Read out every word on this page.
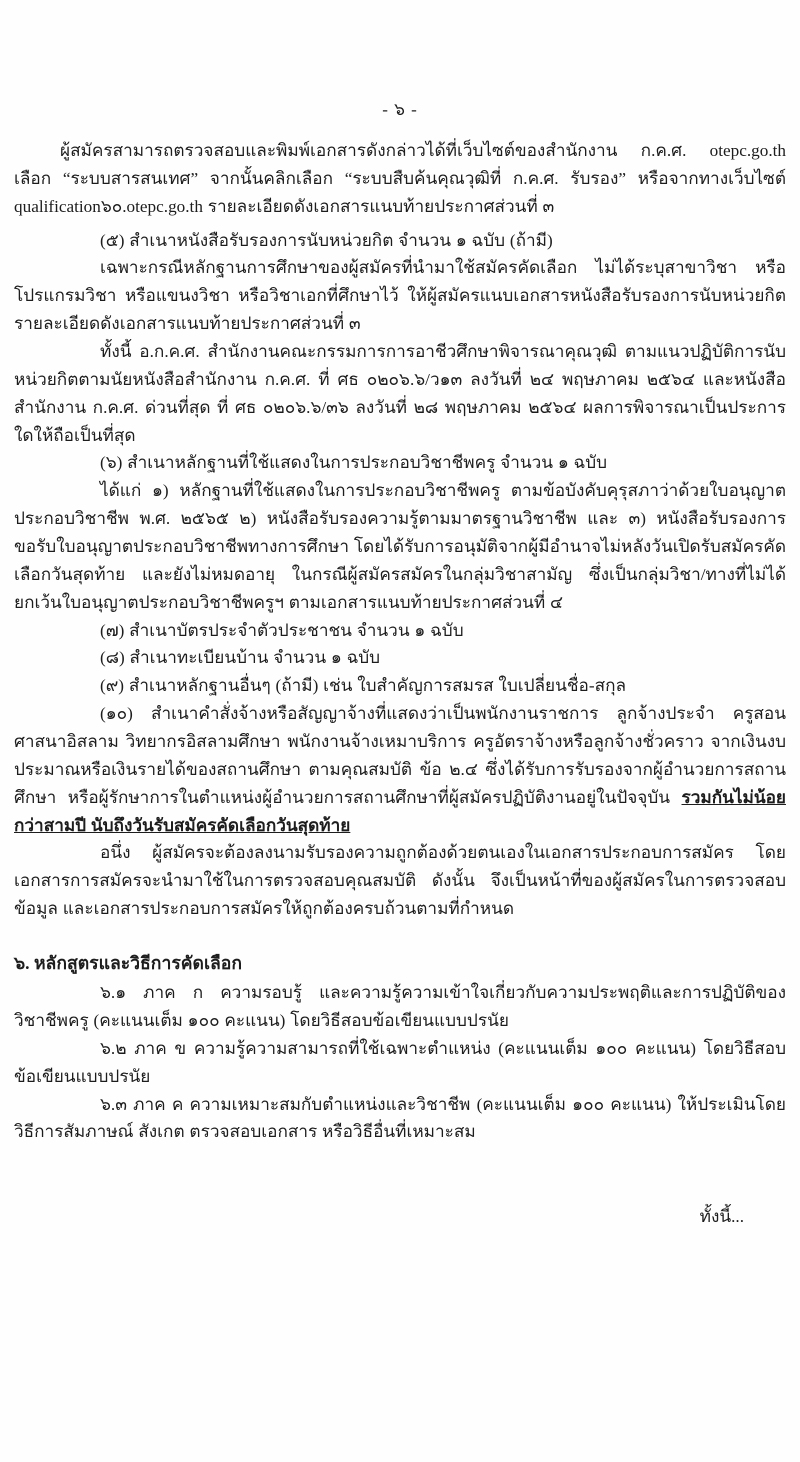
- ๖ -

ผู้สมัครสามารถตรวจสอบและพิมพ์เอกสารดังกล่าวได้ที่เว็บไซต์ของสำนักงาน ก.ค.ศ. otepc.go.th เลือก “ระบบสารสนเทศ” จากนั้นคลิกเลือก “ระบบสืบค้นคุณวุฒิที่ ก.ค.ศ. รับรอง” หรือจากทางเว็บไซต์ qualification๖๐.otepc.go.th รายละเอียดดังเอกสารแนบท้ายประกาศส่วนที่ ๓

(๕) สำเนาหนังสือรับรองการนับหน่วยกิต จำนวน ๑ ฉบับ (ถ้ามี)

เฉพาะกรณีหลักฐานการศึกษาของผู้สมัครที่นำมาใช้สมัครคัดเลือก ไม่ได้ระบุสาขาวิชา หรือโปรแกรมวิชา หรือแขนงวิชา หรือวิชาเอกที่ศึกษาไว้ ให้ผู้สมัครแนบเอกสารหนังสือรับรองการนับหน่วยกิต รายละเอียดดังเอกสารแนบท้ายประกาศส่วนที่ ๓

ทั้งนี้ อ.ก.ค.ศ. สำนักงานคณะกรรมการการอาชีวศึกษาพิจารณาคุณวุฒิ ตามแนวปฏิบัติการนับหน่วยกิตตามนัยหนังสือสำนักงาน ก.ค.ศ. ที่ ศธ ๐๒๐๖.๖/ว๑๓ ลงวันที่ ๒๔ พฤษภาคม ๒๕๖๔ และหนังสือสำนักงาน ก.ค.ศ. ด่วนที่สุด ที่ ศธ ๐๒๐๖.๖/๓๖ ลงวันที่ ๒๘ พฤษภาคม ๒๕๖๔ ผลการพิจารณาเป็นประการใดให้ถือเป็นที่สุด

(๖) สำเนาหลักฐานที่ใช้แสดงในการประกอบวิชาชีพครู จำนวน ๑ ฉบับ

ได้แก่ ๑) หลักฐานที่ใช้แสดงในการประกอบวิชาชีพครู ตามข้อบังคับคุรุสภาว่าด้วยใบอนุญาตประกอบวิชาชีพ พ.ศ. ๒๕๖๕ ๒) หนังสือรับรองความรู้ตามมาตรฐานวิชาชีพ และ ๓) หนังสือรับรองการขอรับใบอนุญาตประกอบวิชาชีพทางการศึกษา โดยได้รับการอนุมัติจากผู้มีอำนาจไม่หลังวันเปิดรับสมัครคัดเลือกวันสุดท้าย และยังไม่หมดอายุ ในกรณีผู้สมัครสมัครในกลุ่มวิชาสามัญ ซึ่งเป็นกลุ่มวิชา/ทางที่ไม่ได้ยกเว้นใบอนุญาตประกอบวิชาชีพครูฯ ตามเอกสารแนบท้ายประกาศส่วนที่ ๔

(๗) สำเนาบัตรประจำตัวประชาชน จำนวน ๑ ฉบับ

(๘) สำเนาทะเบียนบ้าน จำนวน ๑ ฉบับ

(๙) สำเนาหลักฐานอื่นๆ (ถ้ามี) เช่น ใบสำคัญการสมรส ใบเปลี่ยนชื่อ-สกุล

(๑๐) สำเนาคำสั่งจ้างหรือสัญญาจ้างที่แสดงว่าเป็นพนักงานราชการ ลูกจ้างประจำ ครูสอนศาสนาอิสลาม วิทยากรอิสลามศึกษา พนักงานจ้างเหมาบริการ ครูอัตราจ้างหรือลูกจ้างชั่วคราว จากเงินงบประมาณหรือเงินรายได้ของสถานศึกษา ตามคุณสมบัติ ข้อ ๒.๔ ซึ่งได้รับการรับรองจากผู้อำนวยการสถานศึกษา หรือผู้รักษาการในตำแหน่งผู้อำนวยการสถานศึกษาที่ผู้สมัครปฏิบัติงานอยู่ในปัจจุบัน รวมกันไม่น้อยกว่าสามปี นับถึงวันรับสมัครคัดเลือกวันสุดท้าย

อนึ่ง ผู้สมัครจะต้องลงนามรับรองความถูกต้องด้วยตนเองในเอกสารประกอบการสมัคร โดยเอกสารการสมัครจะนำมาใช้ในการตรวจสอบคุณสมบัติ ดังนั้น จึงเป็นหน้าที่ของผู้สมัครในการตรวจสอบข้อมูล และเอกสารประกอบการสมัครให้ถูกต้องครบถ้วนตามที่กำหนด

๖. หลักสูตรและวิธีการคัดเลือก

๖.๑ ภาค ก ความรอบรู้ และความรู้ความเข้าใจเกี่ยวกับความประพฤติและการปฏิบัติของวิชาชีพครู (คะแนนเต็ม ๑๐๐ คะแนน) โดยวิธีสอบข้อเขียนแบบปรนัย

๖.๒ ภาค ข ความรู้ความสามารถที่ใช้เฉพาะตำแหน่ง (คะแนนเต็ม ๑๐๐ คะแนน) โดยวิธีสอบข้อเขียนแบบปรนัย

๖.๓ ภาค ค ความเหมาะสมกับตำแหน่งและวิชาชีพ (คะแนนเต็ม ๑๐๐ คะแนน) ให้ประเมินโดยวิธีการสัมภาษณ์ สังเกต ตรวจสอบเอกสาร หรือวิธีอื่นที่เหมาะสม

ทั้งนี้...
